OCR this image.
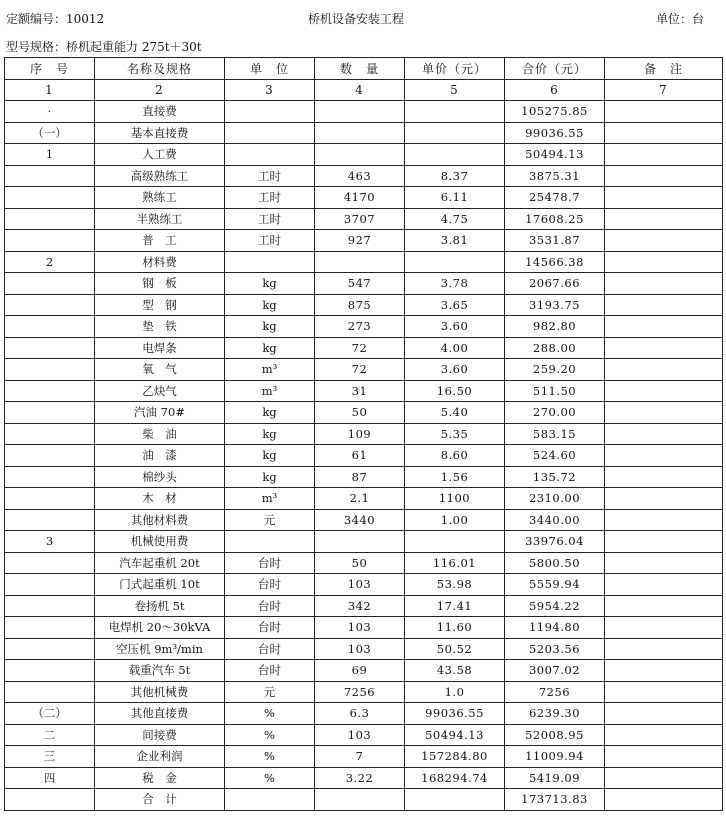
定额编号：10012	桥机设备安装工程	单位：台
型号规格：桥机起重能力 275t＋30t
序　号	名称及规格	单　位	数　量	单价（元）	合价（元）	备　注
1	2	3	4	5	6	7
·	直接费				105275.85	
（一）	基本直接费				99036.55	
1	人工费				50494.13	
	高级熟练工	工时	463	8.37	3875.31	
	熟练工	工时	4170	6.11	25478.7	
	半熟练工	工时	3707	4.75	17608.25	
	普　工	工时	927	3.81	3531.87	
2	材料费				14566.38	
	钢　板	kg	547	3.78	2067.66	
	型　钢	kg	875	3.65	3193.75	
	垫　铁	kg	273	3.60	982.80	
	电焊条	kg	72	4.00	288.00	
	氧　气	m³	72	3.60	259.20	
	乙炔气	m³	31	16.50	511.50	
	汽油 70#	kg	50	5.40	270.00	
	柴　油	kg	109	5.35	583.15	
	油　漆	kg	61	8.60	524.60	
	棉纱头	kg	87	1.56	135.72	
	木　材	m³	2.1	1100	2310.00	
	其他材料费	元	3440	1.00	3440.00	
3	机械使用费				33976.04	
	汽车起重机 20t	台时	50	116.01	5800.50	
	门式起重机 10t	台时	103	53.98	5559.94	
	卷扬机 5t	台时	342	17.41	5954.22	
	电焊机 20～30kVA	台时	103	11.60	1194.80	
	空压机 9m³/min	台时	103	50.52	5203.56	
	载重汽车 5t	台时	69	43.58	3007.02	
	其他机械费	元	7256	1.0	7256	
（二）	其他直接费	%	6.3	99036.55	6239.30	
二	间接费	%	103	50494.13	52008.95	
三	企业利润	%	7	157284.80	11009.94	
四	税　金	%	3.22	168294.74	5419.09	
	合　计				173713.83	
